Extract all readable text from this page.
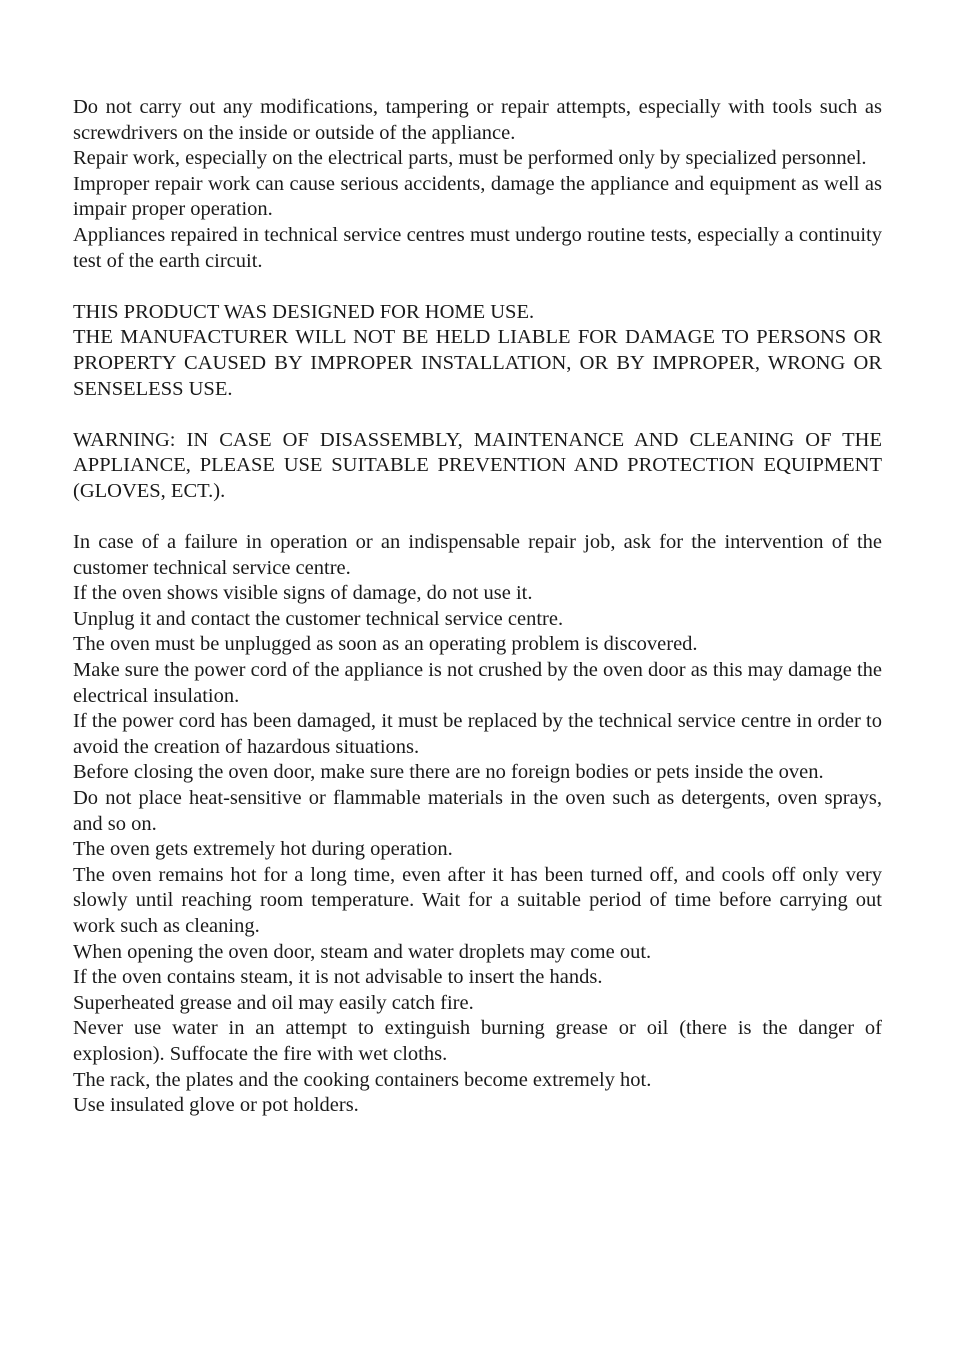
Do not carry out any modifications, tampering or repair attempts, especially with tools such as screwdrivers on the inside or outside of the appliance.

Repair work, especially on the electrical parts, must be performed only by specialized personnel.

Improper repair work can cause serious accidents, damage the appliance and equipment as well as impair proper operation.

Appliances repaired in technical service centres must undergo routine tests, especially a continuity test of the earth circuit.

THIS PRODUCT WAS DESIGNED FOR HOME USE.

THE MANUFACTURER WILL NOT BE HELD LIABLE FOR DAMAGE TO PERSONS OR PROPERTY CAUSED BY IMPROPER INSTALLATION, OR BY IMPROPER, WRONG OR SENSELESS USE.

WARNING: IN CASE OF DISASSEMBLY, MAINTENANCE AND CLEANING OF THE APPLIANCE, PLEASE USE SUITABLE PREVENTION AND PROTECTION EQUIPMENT (GLOVES, ECT.).

In case of a failure in operation or an indispensable repair job, ask for the intervention of the customer technical service centre.

If the oven shows visible signs of damage, do not use it.

Unplug it and contact the customer technical service centre.

The oven must be unplugged as soon as an operating problem is discovered.

Make sure the power cord of the appliance is not crushed by the oven door as this may damage the electrical insulation.

If the power cord has been damaged, it must be replaced by the technical service centre in order to avoid the creation of hazardous situations.

Before closing the oven door, make sure there are no foreign bodies or pets inside the oven.

Do not place heat-sensitive or flammable materials in the oven such as detergents, oven sprays, and so on.

The oven gets extremely hot during operation.

The oven remains hot for a long time, even after it has been turned off, and cools off only very slowly until reaching room temperature. Wait for a suitable period of time before carrying out work such as cleaning.

When opening the oven door, steam and water droplets may come out.

If the oven contains steam, it is not advisable to insert the hands.

Superheated grease and oil may easily catch fire.

Never use water in an attempt to extinguish burning grease or oil (there is the danger of explosion). Suffocate the fire with wet cloths.

The rack, the plates and the cooking containers become extremely hot.

Use insulated glove or pot holders.
